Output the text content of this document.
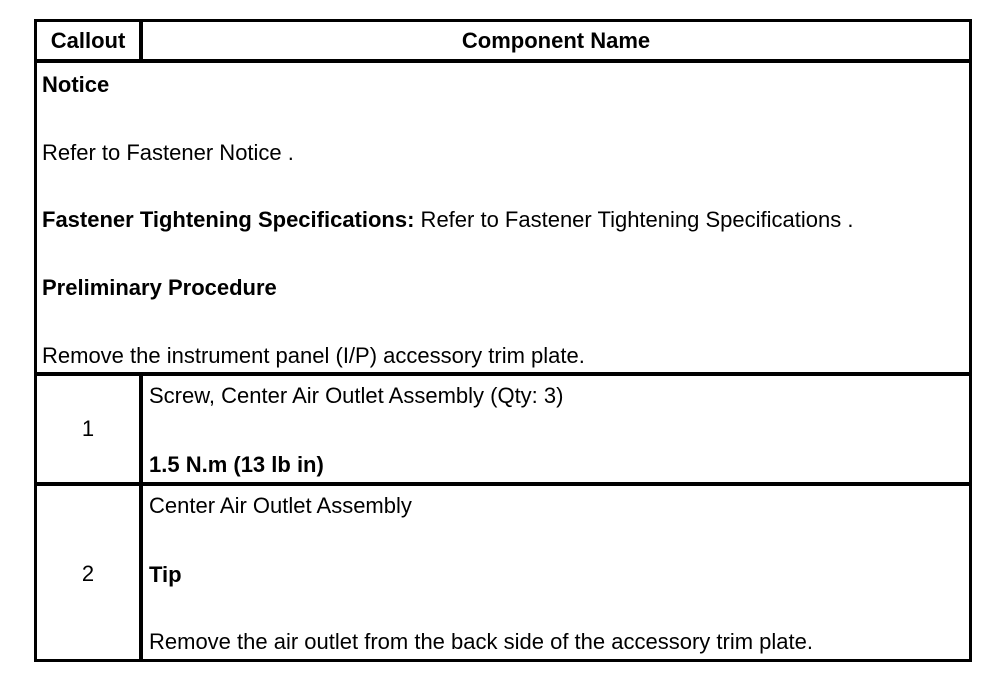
Callout	Component Name
Notice
Refer to Fastener Notice .
Fastener Tightening Specifications: Refer to Fastener Tightening Specifications .
Preliminary Procedure
Remove the instrument panel (I/P) accessory trim plate.
1
Screw, Center Air Outlet Assembly (Qty: 3)
1.5 N.m (13 lb in)
2
Center Air Outlet Assembly
Tip
Remove the air outlet from the back side of the accessory trim plate.
